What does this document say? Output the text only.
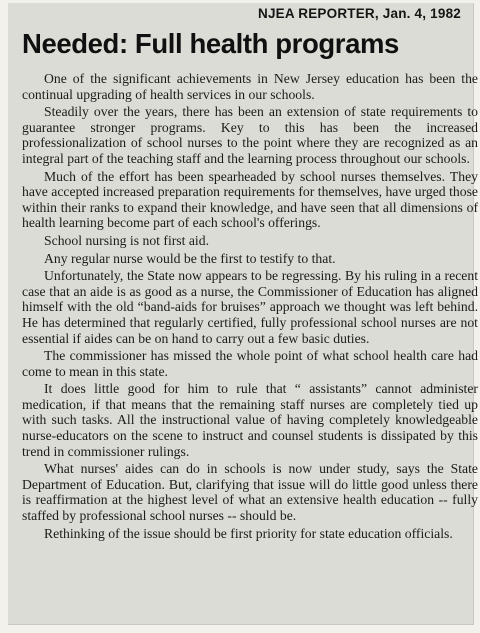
NJEA REPORTER, Jan. 4, 1982
Needed: Full health programs

One of the significant achievements in New Jersey education has been the continual upgrading of health services in our schools.

Steadily over the years, there has been an extension of state requirements to guarantee stronger programs. Key to this has been the increased professionalization of school nurses to the point where they are recognized as an integral part of the teaching staff and the learning process throughout our schools.

Much of the effort has been spearheaded by school nurses themselves. They have accepted increased preparation requirements for themselves, have urged those within their ranks to expand their knowledge, and have seen that all dimensions of health learning become part of each school's offerings.

School nursing is not first aid.

Any regular nurse would be the first to testify to that.

Unfortunately, the State now appears to be regressing. By his ruling in a recent case that an aide is as good as a nurse, the Commissioner of Education has aligned himself with the old “band-aids for bruises” approach we thought was left behind. He has determined that regularly certified, fully professional school nurses are not essential if aides can be on hand to carry out a few basic duties.

The commissioner has missed the whole point of what school health care had come to mean in this state.

It does little good for him to rule that “ assistants” cannot administer medication, if that means that the remaining staff nurses are completely tied up with such tasks. All the instructional value of having completely knowledgeable nurse-educators on the scene to instruct and counsel students is dissipated by this trend in commissioner rulings.

What nurses' aides can do in schools is now under study, says the State Department of Education. But, clarifying that issue will do little good unless there is reaffirmation at the highest level of what an extensive health education -- fully staffed by professional school nurses -- should be.

Rethinking of the issue should be first priority for state education officials.
